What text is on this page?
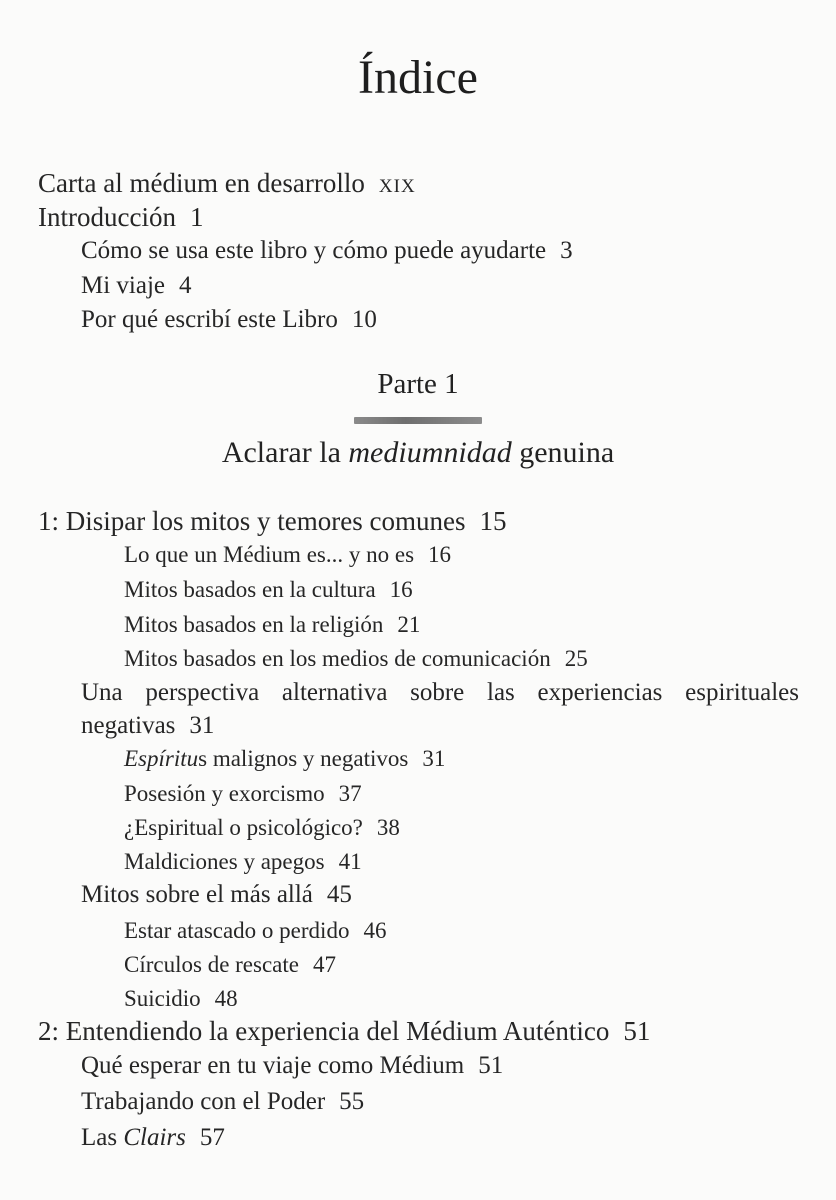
Índice
Carta al médium en desarrollo xix
Introducción 1
Cómo se usa este libro y cómo puede ayudarte 3
Mi viaje 4
Por qué escribí este Libro 10
Parte 1
Aclarar la mediumnidad genuina
1: Disipar los mitos y temores comunes 15
Lo que un Médium es... y no es 16
Mitos basados en la cultura 16
Mitos basados en la religión 21
Mitos basados en los medios de comunicación 25
Una perspectiva alternativa sobre las experiencias espirituales
negativas 31
Espíritus malignos y negativos 31
Posesión y exorcismo 37
¿Espiritual o psicológico? 38
Maldiciones y apegos 41
Mitos sobre el más allá 45
Estar atascado o perdido 46
Círculos de rescate 47
Suicidio 48
2: Entendiendo la experiencia del Médium Auténtico 51
Qué esperar en tu viaje como Médium 51
Trabajando con el Poder 55
Las Clairs 57
